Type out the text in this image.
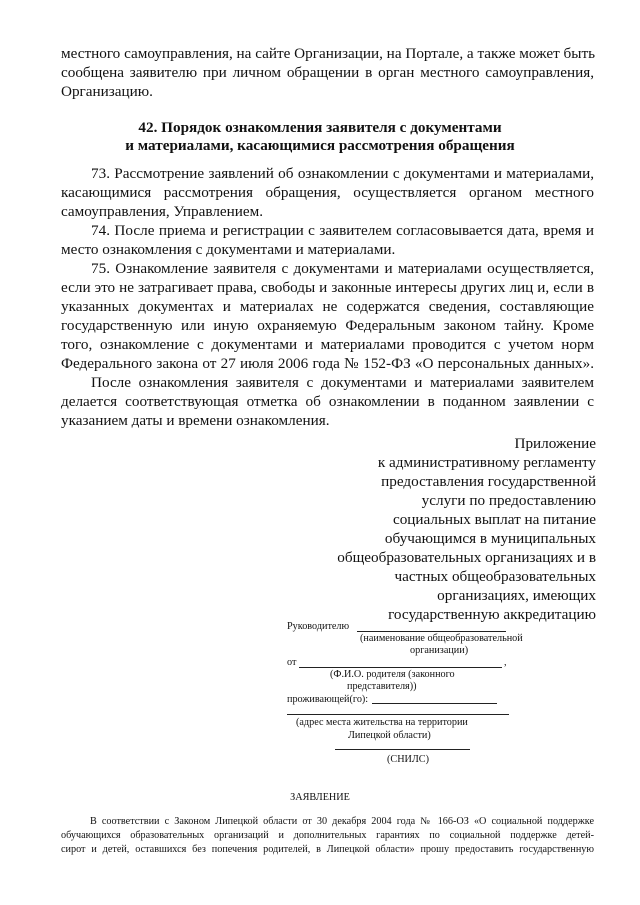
местного самоуправления, на сайте Организации, на Портале, а также может быть
сообщена заявителю при личном обращении в орган местного самоуправления,
Организацию.
42. Порядок ознакомления заявителя с документами
и материалами, касающимися рассмотрения обращения
73. Рассмотрение заявлений об ознакомлении с документами и материалами,
касающимися рассмотрения обращения, осуществляется органом местного
самоуправления, Управлением.
74. После приема и регистрации с заявителем согласовывается дата, время и
место ознакомления с документами и материалами.
75. Ознакомление заявителя с документами и материалами осуществляется,
если это не затрагивает права, свободы и законные интересы других лиц и, если в
указанных документах и материалах не содержатся сведения, составляющие
государственную или иную охраняемую Федеральным законом тайну. Кроме
того, ознакомление с документами и материалами проводится с учетом норм
Федерального закона от 27 июля 2006 года № 152-ФЗ «О персональных данных».
После ознакомления заявителя с документами и материалами заявителем
делается соответствующая отметка об ознакомлении в поданном заявлении с
указанием даты и времени ознакомления.
Приложение
к административному регламенту
предоставления государственной
услуги по предоставлению
социальных выплат на питание
обучающимся в муниципальных
общеобразовательных организациях и в
частных общеобразовательных
организациях, имеющих
государственную аккредитацию
Руководителю
(наименование общеобразовательной
организации)
от	,
(Ф.И.О. родителя (законного
представителя))
проживающей(го):
(адрес места жительства на территории
Липецкой области)
(СНИЛС)
ЗАЯВЛЕНИЕ
В соответствии с Законом Липецкой области от 30 декабря 2004 года № 166-ОЗ «О социальной поддержке
обучающихся образовательных организаций и дополнительных гарантиях по социальной поддержке детей-
сирот и детей, оставшихся без попечения родителей, в Липецкой области» прошу предоставить государственную
